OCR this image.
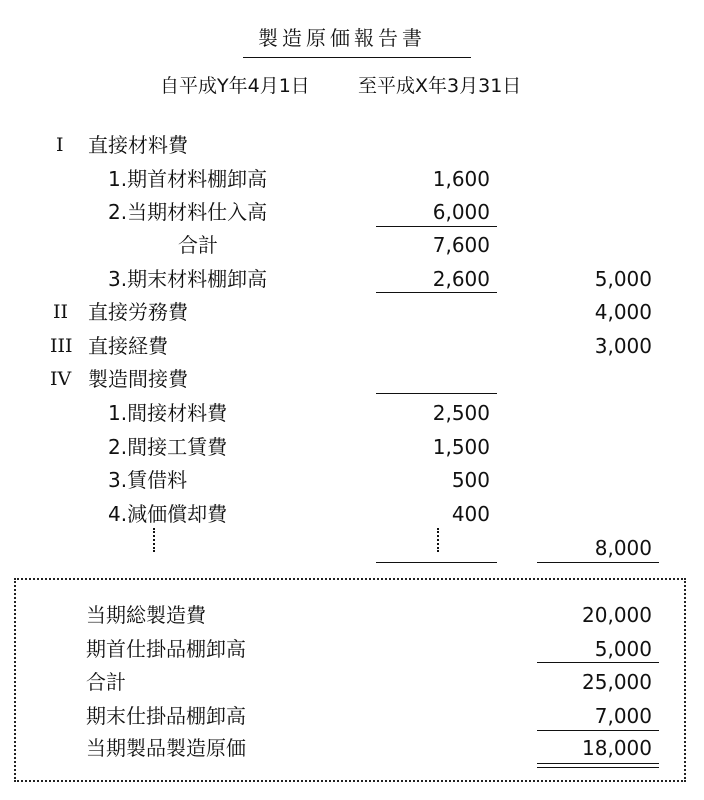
製造原価報告書
自平成Y年4月1日	至平成X年3月31日
I 直接材料費
1.期首材料棚卸高	1,600
2.当期材料仕入高	6,000
合計	7,600
3.期末材料棚卸高	2,600	5,000
II 直接労務費	4,000
III 直接経費	3,000
IV 製造間接費
1.間接材料費	2,500
2.間接工賃費	1,500
3.賃借料	500
4.減価償却費	400
8,000
当期総製造費	20,000
期首仕掛品棚卸高	5,000
合計	25,000
期末仕掛品棚卸高	7,000
当期製品製造原価	18,000
